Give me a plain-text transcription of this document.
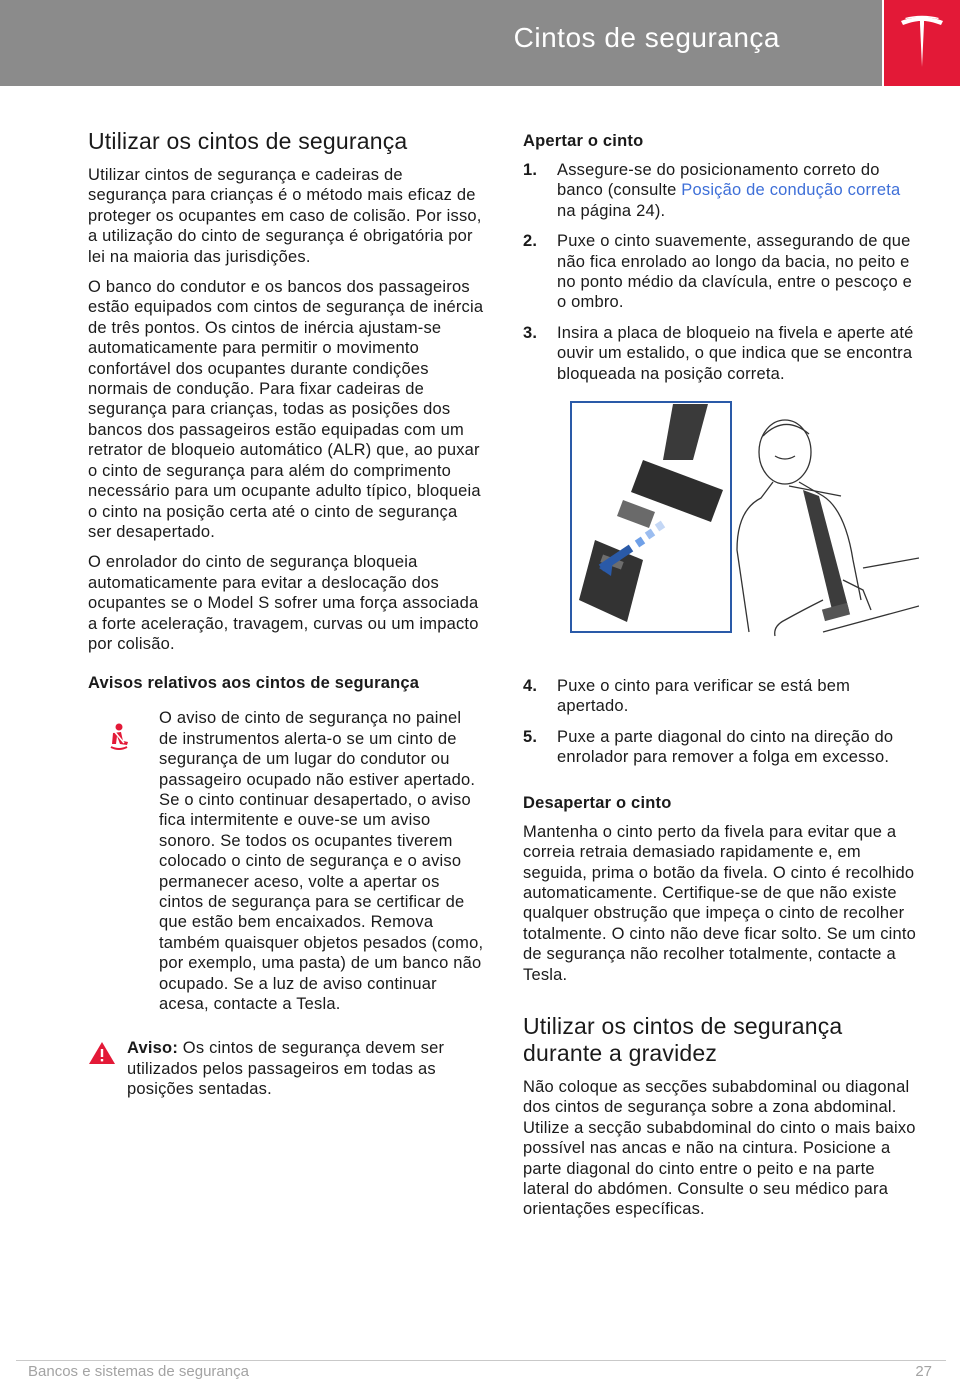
Cintos de segurança
Utilizar os cintos de segurança

Utilizar cintos de segurança e cadeiras de segurança para crianças é o método mais eficaz de proteger os ocupantes em caso de colisão. Por isso, a utilização do cinto de segurança é obrigatória por lei na maioria das jurisdições.

O banco do condutor e os bancos dos passageiros estão equipados com cintos de segurança de inércia de três pontos. Os cintos de inércia ajustam-se automaticamente para permitir o movimento confortável dos ocupantes durante condições normais de condução. Para fixar cadeiras de segurança para crianças, todas as posições dos bancos dos passageiros estão equipadas com um retrator de bloqueio automático (ALR) que, ao puxar o cinto de segurança para além do comprimento necessário para um ocupante adulto típico, bloqueia o cinto na posição certa até o cinto de segurança ser desapertado.

O enrolador do cinto de segurança bloqueia automaticamente para evitar a deslocação dos ocupantes se o Model S sofrer uma força associada a forte aceleração, travagem, curvas ou um impacto por colisão.

Avisos relativos aos cintos de segurança

O aviso de cinto de segurança no painel de instrumentos alerta-o se um cinto de segurança de um lugar do condutor ou passageiro ocupado não estiver apertado. Se o cinto continuar desapertado, o aviso fica intermitente e ouve-se um aviso sonoro. Se todos os ocupantes tiverem colocado o cinto de segurança e o aviso permanecer aceso, volte a apertar os cintos de segurança para se certificar de que estão bem encaixados. Remova também quaisquer objetos pesados (como, por exemplo, uma pasta) de um banco não ocupado. Se a luz de aviso continuar acesa, contacte a Tesla.

Aviso: Os cintos de segurança devem ser utilizados pelos passageiros em todas as posições sentadas.
Apertar o cinto
1. Assegure-se do posicionamento correto do banco (consulte Posição de condução correta na página 24).
2. Puxe o cinto suavemente, assegurando de que não fica enrolado ao longo da bacia, no peito e no ponto médio da clavícula, entre o pescoço e o ombro.
3. Insira a placa de bloqueio na fivela e aperte até ouvir um estalido, o que indica que se encontra bloqueada na posição correta.
4. Puxe o cinto para verificar se está bem apertado.
5. Puxe a parte diagonal do cinto na direção do enrolador para remover a folga em excesso.
Desapertar o cinto

Mantenha o cinto perto da fivela para evitar que a correia retraia demasiado rapidamente e, em seguida, prima o botão da fivela. O cinto é recolhido automaticamente. Certifique-se de que não existe qualquer obstrução que impeça o cinto de recolher totalmente. O cinto não deve ficar solto. Se um cinto de segurança não recolher totalmente, contacte a Tesla.

Utilizar os cintos de segurança durante a gravidez

Não coloque as secções subabdominal ou diagonal dos cintos de segurança sobre a zona abdominal. Utilize a secção subabdominal do cinto o mais baixo possível nas ancas e não na cintura. Posicione a parte diagonal do cinto entre o peito e na parte lateral do abdómen. Consulte o seu médico para orientações específicas.

Bancos e sistemas de segurança	27
